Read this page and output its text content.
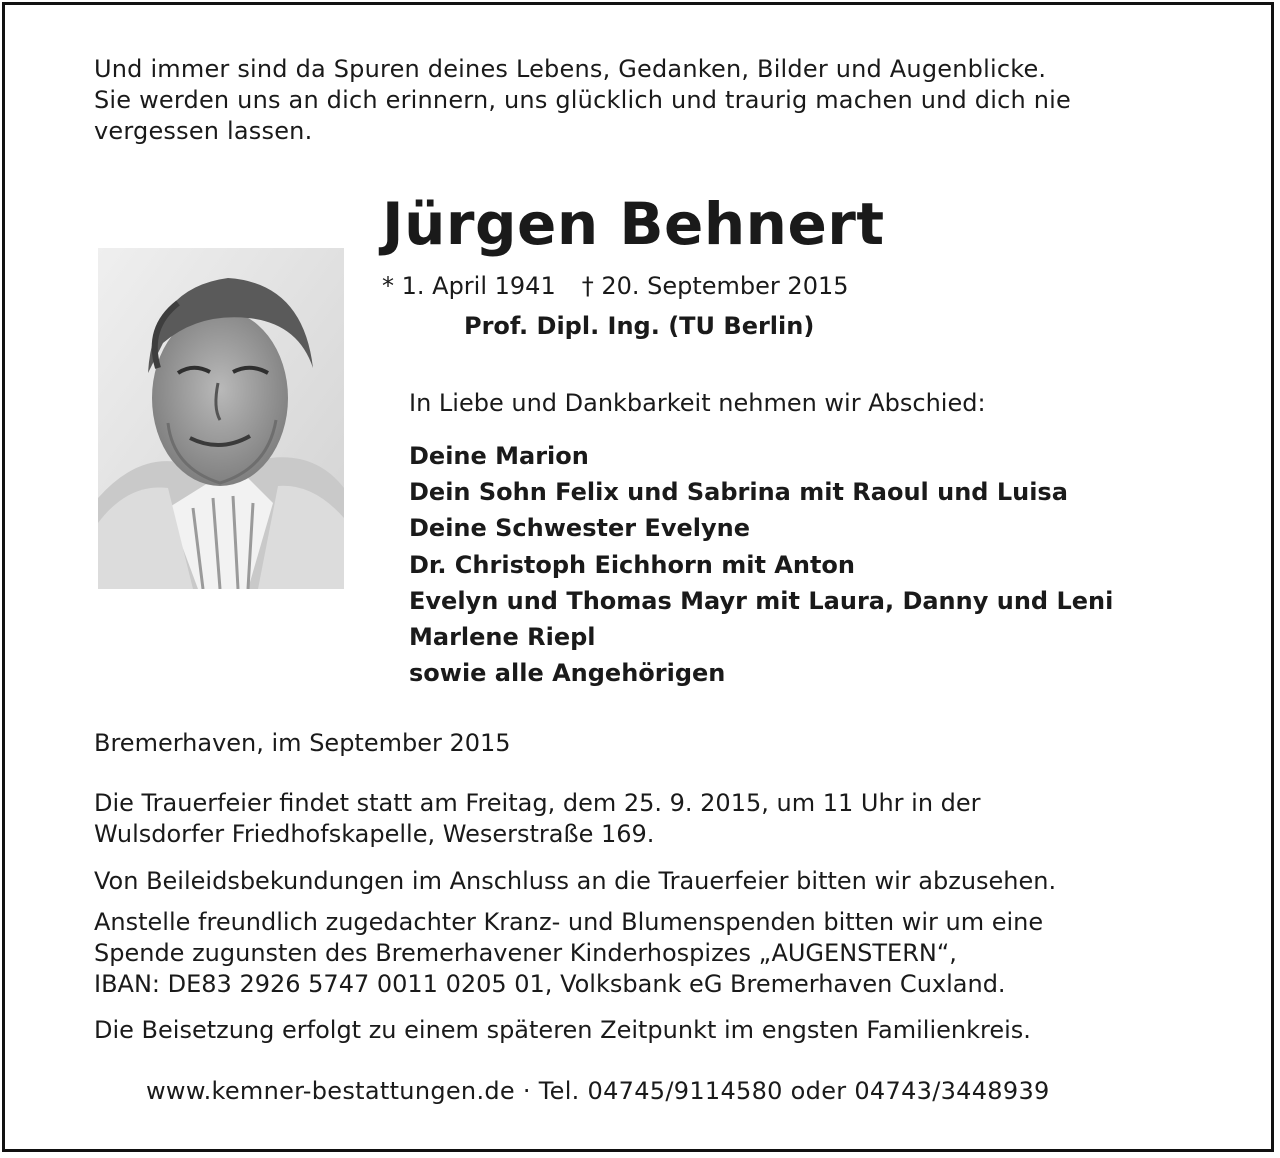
Und immer sind da Spuren deines Lebens, Gedanken, Bilder und Augenblicke.
Sie werden uns an dich erinnern, uns glücklich und traurig machen und dich nie
vergessen lassen.
Jürgen Behnert
* 1. April 1941 † 20. September 2015
Prof. Dipl. Ing. (TU Berlin)
In Liebe und Dankbarkeit nehmen wir Abschied:
Deine Marion
Dein Sohn Felix und Sabrina mit Raoul und Luisa
Deine Schwester Evelyne
Dr. Christoph Eichhorn mit Anton
Evelyn und Thomas Mayr mit Laura, Danny und Leni
Marlene Riepl
sowie alle Angehörigen
Bremerhaven, im September 2015
Die Trauerfeier findet statt am Freitag, dem 25. 9. 2015, um 11 Uhr in der
Wulsdorfer Friedhofskapelle, Weserstraße 169.
Von Beileidsbekundungen im Anschluss an die Trauerfeier bitten wir abzusehen.
Anstelle freundlich zugedachter Kranz- und Blumenspenden bitten wir um eine
Spende zugunsten des Bremerhavener Kinderhospizes „AUGENSTERN“,
IBAN: DE83 2926 5747 0011 0205 01, Volksbank eG Bremerhaven Cuxland.
Die Beisetzung erfolgt zu einem späteren Zeitpunkt im engsten Familienkreis.
www.kemner-bestattungen.de · Tel. 04745/9114580 oder 04743/3448939
